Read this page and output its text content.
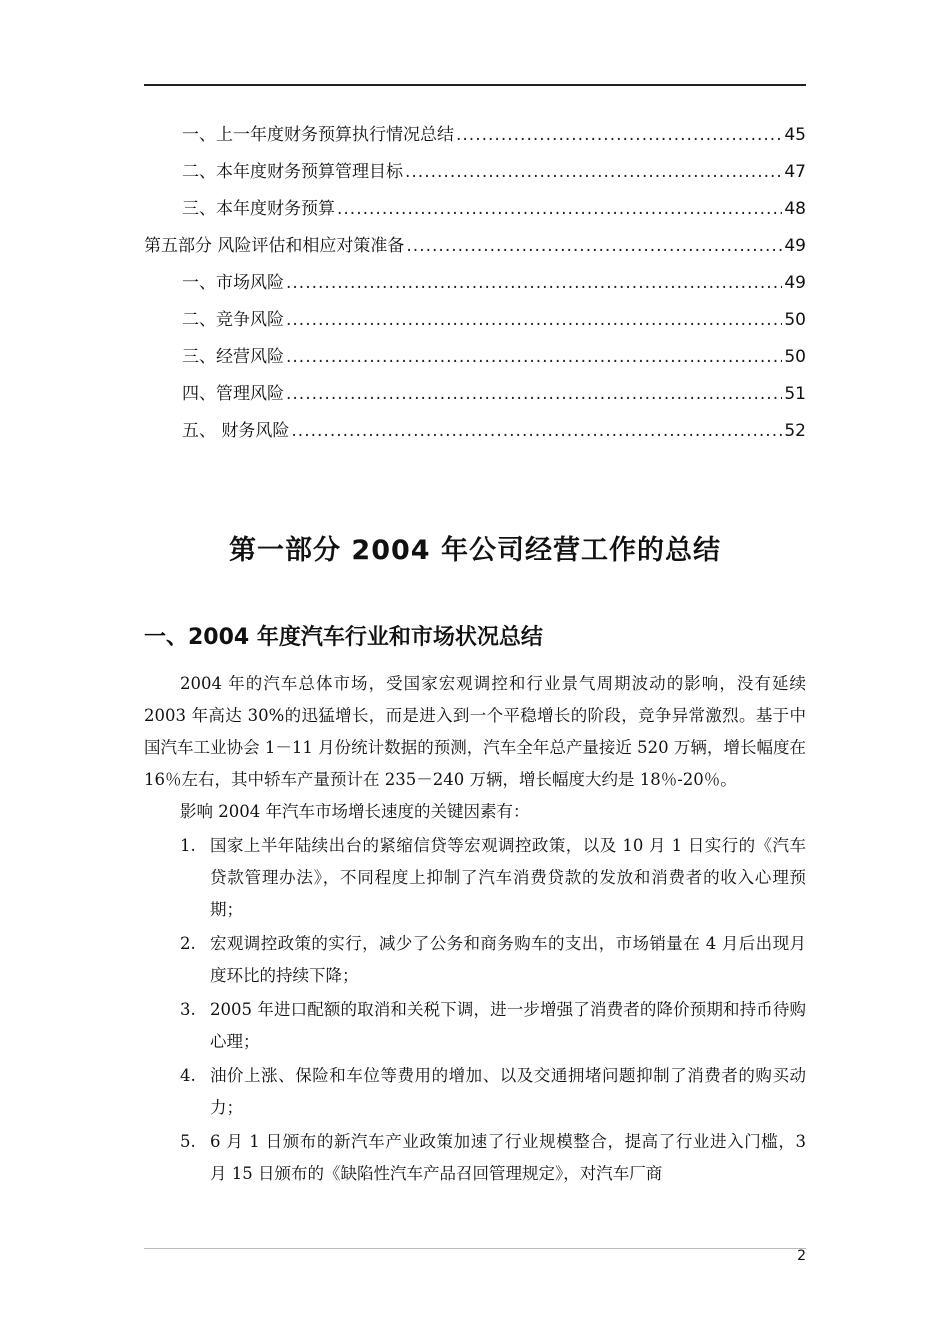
一、上一年度财务预算执行情况总结 .....	45
二、本年度财务预算管理目标 .....	47
三、本年度财务预算 .....	48
第五部分 风险评估和相应对策准备 .....	49
一、市场风险 .....	49
二、竞争风险 .....	50
三、经营风险 .....	50
四、管理风险 .....	51
五、 财务风险 .....	52
第一部分 2004 年公司经营工作的总结
一、2004 年度汽车行业和市场状况总结

2004 年的汽车总体市场，受国家宏观调控和行业景气周期波动的影响，没有延续 2003 年高达 30%的迅猛增长，而是进入到一个平稳增长的阶段，竞争异常激烈。基于中国汽车工业协会 1－11 月份统计数据的预测，汽车全年总产量接近 520 万辆，增长幅度在 16％左右，其中轿车产量预计在 235－240 万辆，增长幅度大约是 18％-20％。

影响 2004 年汽车市场增长速度的关键因素有：

1. 国家上半年陆续出台的紧缩信贷等宏观调控政策，以及 10 月 1 日实行的《汽车贷款管理办法》，不同程度上抑制了汽车消费贷款的发放和消费者的收入心理预期；
2. 宏观调控政策的实行，减少了公务和商务购车的支出，市场销量在 4 月后出现月度环比的持续下降；
3. 2005 年进口配额的取消和关税下调，进一步增强了消费者的降价预期和持币待购心理；
4. 油价上涨、保险和车位等费用的增加、以及交通拥堵问题抑制了消费者的购买动力；
5. 6 月 1 日颁布的新汽车产业政策加速了行业规模整合，提高了行业进入门槛，3 月 15 日颁布的《缺陷性汽车产品召回管理规定》，对汽车厂商
2
